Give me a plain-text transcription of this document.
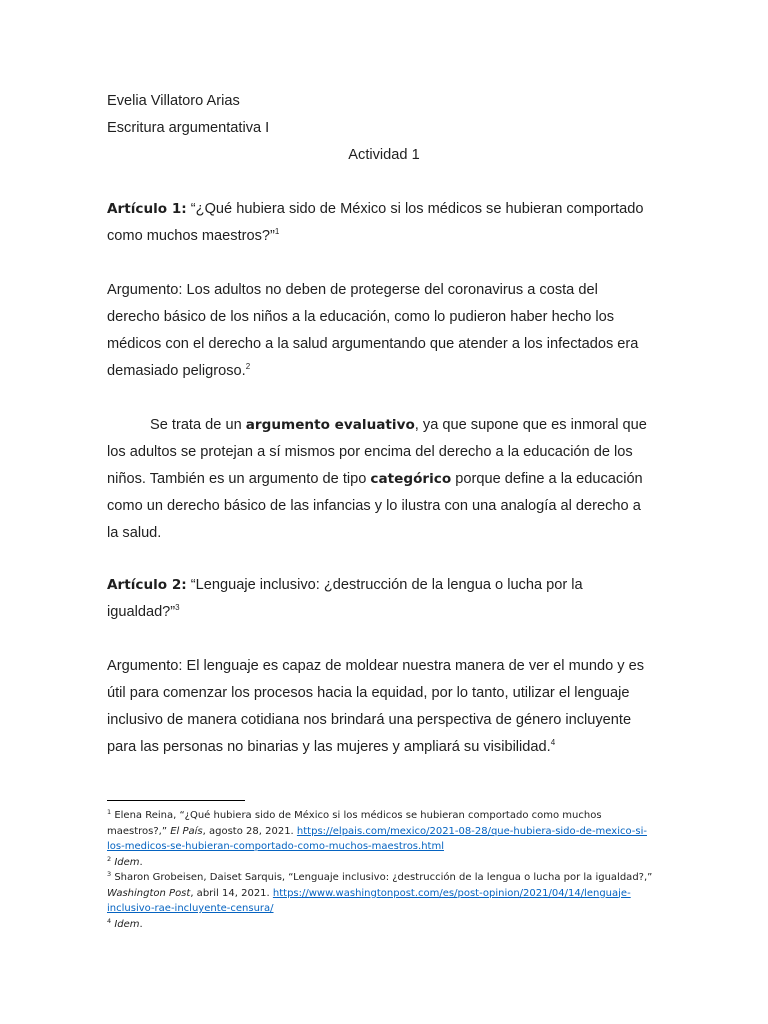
Evelia Villatoro Arias
Escritura argumentativa I
Actividad 1
Artículo 1: “¿Qué hubiera sido de México si los médicos se hubieran comportado
como muchos maestros?”$^1$
Argumento: Los adultos no deben de protegerse del coronavirus a costa del
derecho básico de los niños a la educación, como lo pudieron haber hecho los
médicos con el derecho a la salud argumentando que atender a los infectados era
demasiado peligroso.$^2$
Se trata de un argumento evaluativo, ya que supone que es inmoral que
los adultos se protejan a sí mismos por encima del derecho a la educación de los
niños. También es un argumento de tipo categórico porque define a la educación
como un derecho básico de las infancias y lo ilustra con una analogía al derecho a
la salud.
Artículo 2: “Lenguaje inclusivo: ¿destrucción de la lengua o lucha por la
igualdad?”$^3$
Argumento: El lenguaje es capaz de moldear nuestra manera de ver el mundo y es
útil para comenzar los procesos hacia la equidad, por lo tanto, utilizar el lenguaje
inclusivo de manera cotidiana nos brindará una perspectiva de género incluyente
para las personas no binarias y las mujeres y ampliará su visibilidad.$^4$
$^1$ Elena Reina, “¿Qué hubiera sido de México si los médicos se hubieran comportado como muchos
maestros?,” El País, agosto 28, 2021. https://elpais.com/mexico/2021-08-28/que-hubiera-sido-de-mexico-si-
los-medicos-se-hubieran-comportado-como-muchos-maestros.html
$^2$ Idem.
$^3$ Sharon Grobeisen, Daiset Sarquis, “Lenguaje inclusivo: ¿destrucción de la lengua o lucha por la igualdad?,”
Washington Post, abril 14, 2021. https://www.washingtonpost.com/es/post-opinion/2021/04/14/lenguaje-
inclusivo-rae-incluyente-censura/
$^4$ Idem.
